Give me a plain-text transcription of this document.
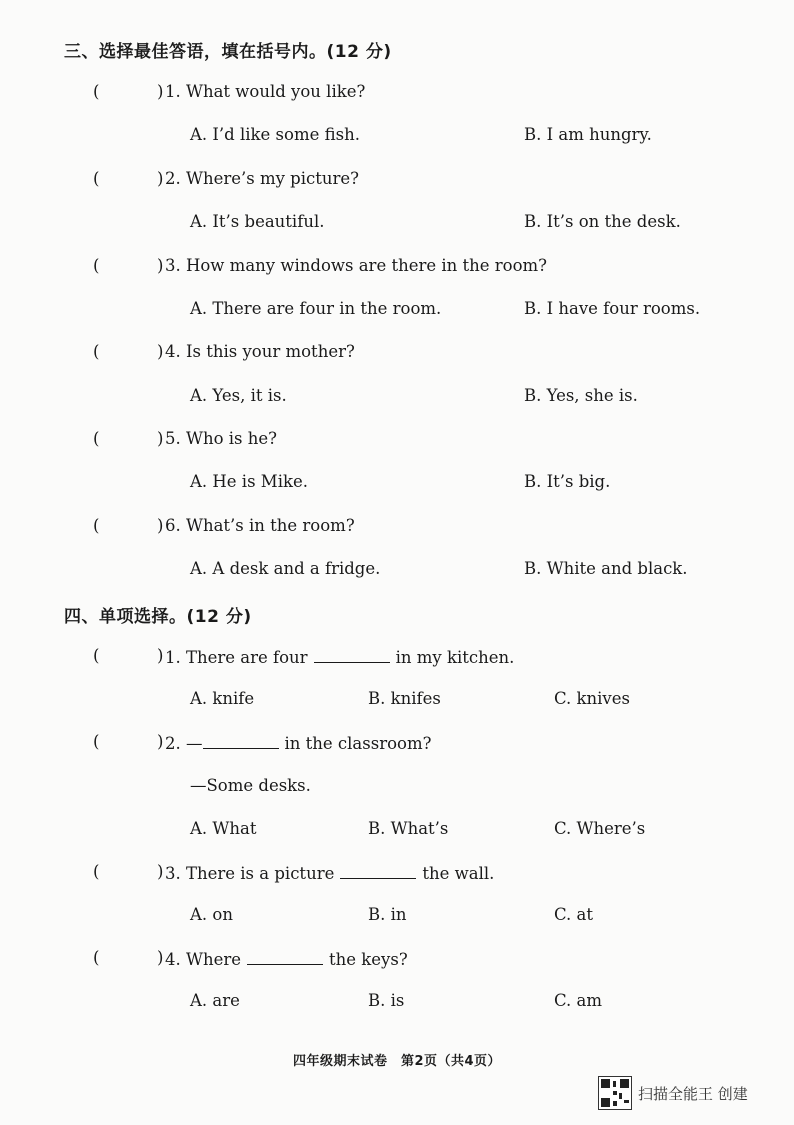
三、选择最佳答语，填在括号内。(12 分)
(	) 1. What would you like?
A. I’d like some fish.	B. I am hungry.
(	) 2. Where’s my picture?
A. It’s beautiful.	B. It’s on the desk.
(	) 3. How many windows are there in the room?
A. There are four in the room.	B. I have four rooms.
(	) 4. Is this your mother?
A. Yes, it is.	B. Yes, she is.
(	) 5. Who is he?
A. He is Mike.	B. It’s big.
(	) 6. What’s in the room?
A. A desk and a fridge.	B. White and black.
四、单项选择。(12 分)
(	) 1. There are four	in my kitchen.
A. knife	B. knifes	C. knives
(	) 2. —	in the classroom?
—Some desks.
A. What	B. What’s	C. Where’s
(	) 3. There is a picture	the wall.
A. on	B. in	C. at
(	) 4. Where	the keys?
A. are	B. is	C. am
四年级期末试卷　第2页（共4页）
扫描全能王 创建
